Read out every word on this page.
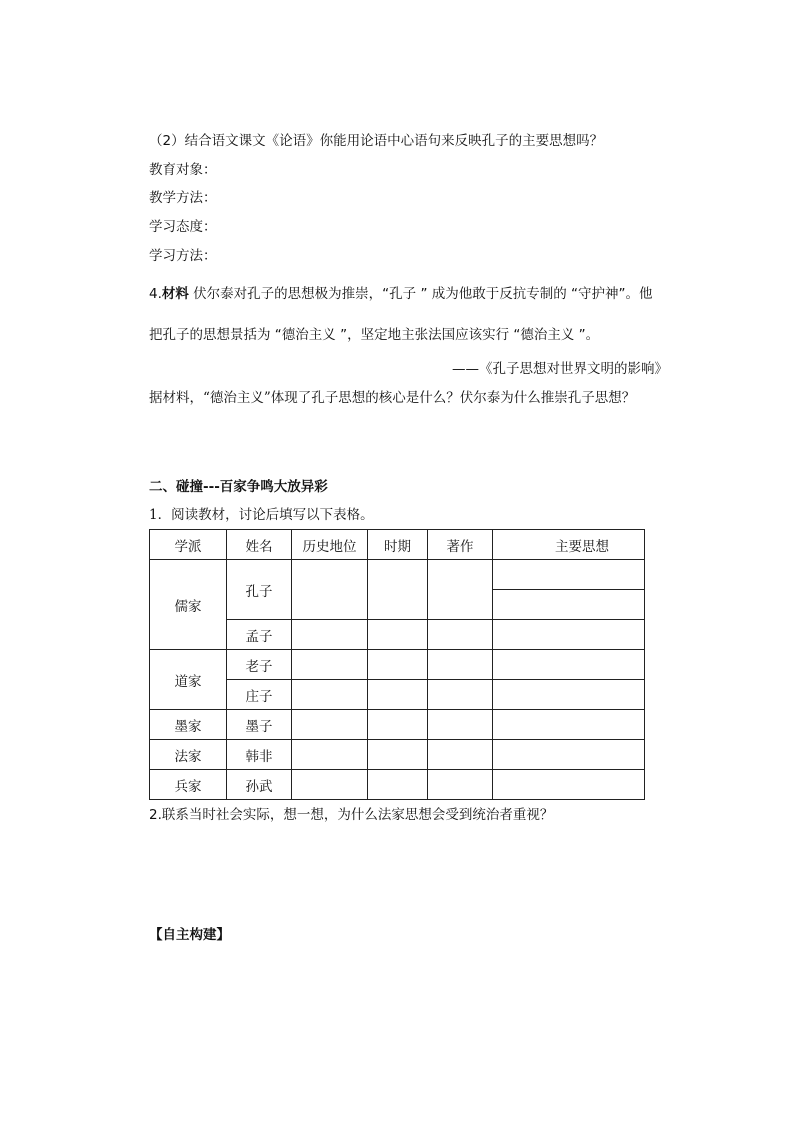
（2）结合语文课文《论语》你能用论语中心语句来反映孔子的主要思想吗？
教育对象：
教学方法：
学习态度：
学习方法：
4.材料 伏尔泰对孔子的思想极为推崇，“孔子 ” 成为他敢于反抗专制的 “守护神”。他
把孔子的思想景括为 “德治主义 ”，坚定地主张法国应该实行 “德治主义 ”。
——《孔子思想对世界文明的影响》
据材料，“德治主义”体现了孔子思想的核心是什么？伏尔泰为什么推崇孔子思想？
二、碰撞---百家争鸣大放异彩
1．阅读教材，讨论后填写以下表格。
学派	姓名	历史地位	时期	著作	主要思想
儒家	孔子				

	孟子				
道家	老子				
	庄子				
墨家	墨子				
法家	韩非				
兵家	孙武				
2.联系当时社会实际，想一想，为什么法家思想会受到统治者重视？
【自主构建】
